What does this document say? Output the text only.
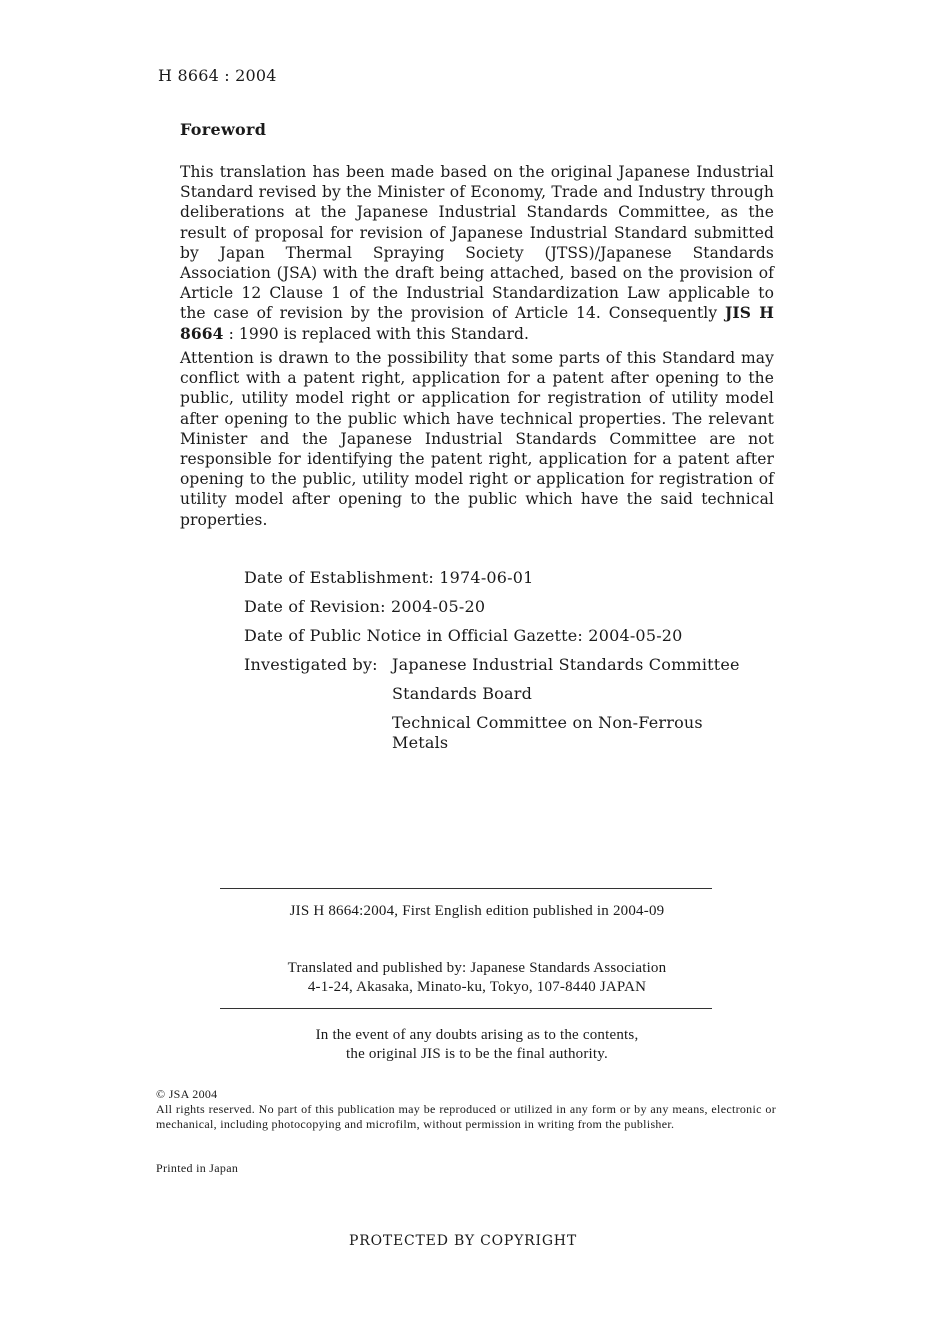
H 8664 : 2004
Foreword
This translation has been made based on the original Japanese Industrial Standard revised by the Minister of Economy, Trade and Industry through deliberations at the Japanese Industrial Standards Committee, as the result of proposal for revision of Japanese Industrial Standard submitted by Japan Thermal Spraying Society (JTSS)/Japanese Standards Association (JSA) with the draft being attached, based on the provision of Article 12 Clause 1 of the Industrial Standardization Law applicable to the case of revision by the provision of Article 14. Consequently JIS H 8664 : 1990 is replaced with this Standard.
Attention is drawn to the possibility that some parts of this Standard may conflict with a patent right, application for a patent after opening to the public, utility model right or application for registration of utility model after opening to the public which have technical properties. The relevant Minister and the Japanese Industrial Standards Committee are not responsible for identifying the patent right, application for a patent after opening to the public, utility model right or application for registration of utility model after opening to the public which have the said technical properties.
Date of Establishment: 1974-06-01
Date of Revision: 2004-05-20
Date of Public Notice in Official Gazette: 2004-05-20
Investigated by: Japanese Industrial Standards Committee
Standards Board
Technical Committee on Non-Ferrous Metals
JIS H 8664:2004, First English edition published in 2004-09
Translated and published by: Japanese Standards Association
4-1-24, Akasaka, Minato-ku, Tokyo, 107-8440 JAPAN
In the event of any doubts arising as to the contents,
the original JIS is to be the final authority.
© JSA 2004
All rights reserved. No part of this publication may be reproduced or utilized in any form or by any means, electronic or mechanical, including photocopying and microfilm, without permission in writing from the publisher.
Printed in Japan
PROTECTED BY COPYRIGHT
